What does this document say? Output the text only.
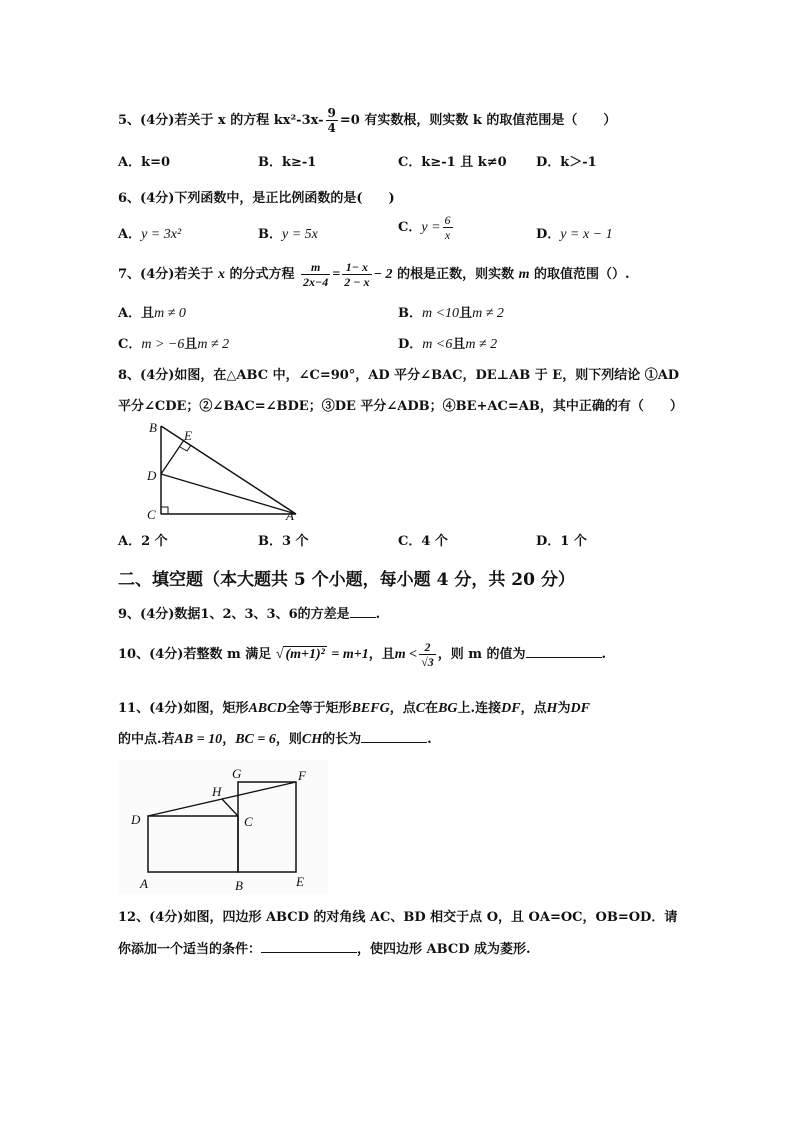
5、(4分)若关于 x 的方程 $kx^2-3x- \frac{9}{4} =0$ 有实数根，则实数 k 的取值范围是（　　）
A．k=0	B．k≥-1	C．k≥-1 且 k≠0 D．k＞-1
6、(4分)下列函数中，是正比例函数的是(　　)
A．y = 3x²	B．y = 5x	C．$y = \frac{6}{x}$	D．y = x − 1
7、(4分)若关于 x 的分式方程 $\frac{m}{2x-4} = \frac{1- x}{2 - x} - 2$ 的根是正数，则实数 m 的取值范围（）.
A．且m ≠ 0	B．m <10且m ≠ 2
C．m > −6且m ≠ 2	D．m <6且m ≠ 2
8、(4分)如图，在△ABC 中，∠C=90°，AD 平分∠BAC，DE⊥AB 于 E，则下列结论 ①AD
平分∠CDE；②∠BAC=∠BDE；③DE 平分∠ADB；④BE+AC=AB，其中正确的有（　　）
B
E
D
C	A
A．2 个	B．3 个	C．4 个	D．1 个
二、填空题（本大题共 5 个小题，每小题 4 分，共 20 分）
9、(4分)数据1、2、3、3、6的方差是 .
10、(4分)若整数 m 满足 √ (m+1)² = m+1，且$m < \frac{2}{√3}$ ，则 m 的值为	.
11、(4分)如图，矩形ABCD全等于矩形BEFG，点C在BG上.连接DF，点H为DF
的中点.若AB = 10，BC = 6，则CH的长为	.
G	F
H
D	C
A	B	E
12、(4分)如图，四边形 ABCD 的对角线 AC、BD 相交于点 O，且 OA=OC，OB=OD．请
你添加一个适当的条件：	，使四边形 ABCD 成为菱形.
